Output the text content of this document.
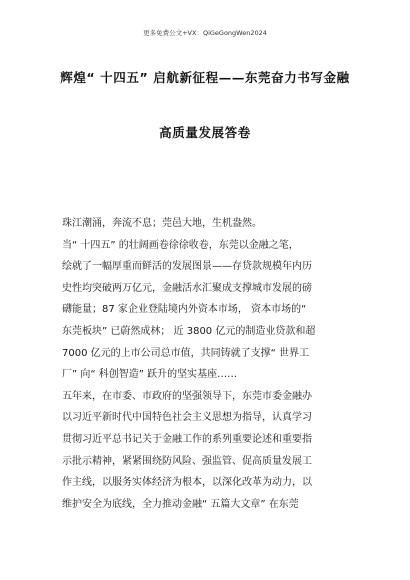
更多免费公文+VX：QiGeGongWen2024
辉煌“ 十四五” 启航新征程——东莞奋力书写金融
高质量发展答卷
珠江潮涌，奔流不息；莞邑大地，生机盎然。
当“ 十四五” 的壮阔画卷徐徐收卷，东莞以金融之笔，
绘就了一幅厚重而鲜活的发展图景——存贷款规模年内历
史性均突破两万亿元，金融活水汇聚成支撑城市发展的磅
礴能量；87 家企业登陆境内外资本市场， 资本市场的“
东莞板块” 已蔚然成林； 近 3800 亿元的制造业贷款和超
7000 亿元的上市公司总市值，共同铸就了支撑“ 世界工
厂” 向“ 科创智造” 跃升的坚实基座……
五年来，在市委、市政府的坚强领导下，东莞市委金融办
以习近平新时代中国特色社会主义思想为指导，认真学习
贯彻习近平总书记关于金融工作的系列重要论述和重要指
示批示精神，紧紧围绕防风险、强监管、促高质量发展工
作主线，以服务实体经济为根本，以深化改革为动力，以
维护安全为底线，全力推动金融“ 五篇大文章” 在东莞
